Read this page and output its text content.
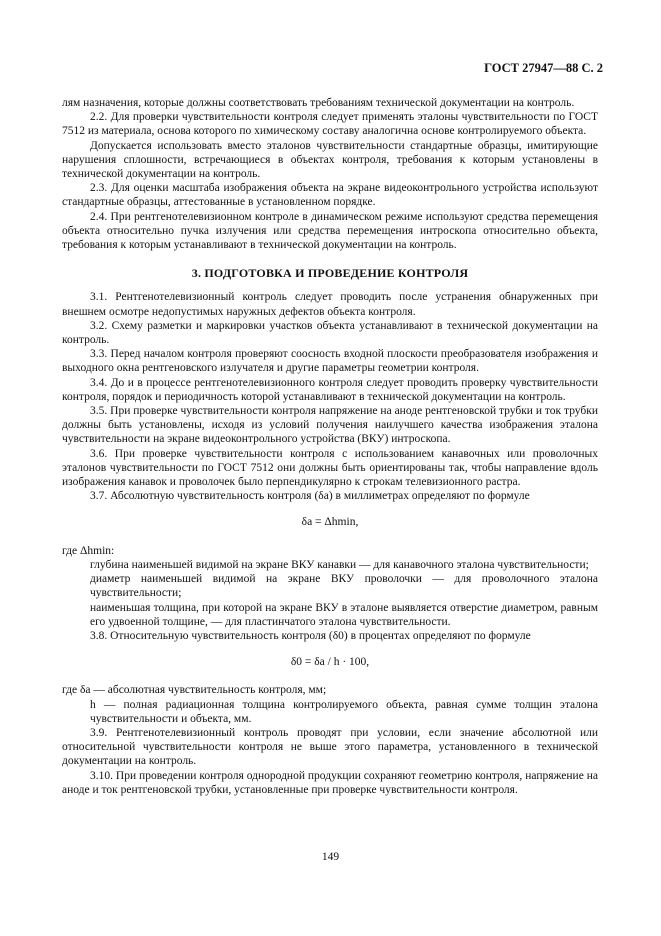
ГОСТ 27947—88 С. 2

лям назначения, которые должны соответствовать требованиям технической документации на контроль.

2.2. Для проверки чувствительности контроля следует применять эталоны чувствительности по ГОСТ 7512 из материала, основа которого по химическому составу аналогична основе контролируемого объекта.

Допускается использовать вместо эталонов чувствительности стандартные образцы, имитирующие нарушения сплошности, встречающиеся в объектах контроля, требования к которым установлены в технической документации на контроль.

2.3. Для оценки масштаба изображения объекта на экране видеоконтрольного устройства используют стандартные образцы, аттестованные в установленном порядке.

2.4. При рентгенотелевизионном контроле в динамическом режиме используют средства перемещения объекта относительно пучка излучения или средства перемещения интроскопа относительно объекта, требования к которым устанавливают в технической документации на контроль.

3. ПОДГОТОВКА И ПРОВЕДЕНИЕ КОНТРОЛЯ

3.1. Рентгенотелевизионный контроль следует проводить после устранения обнаруженных при внешнем осмотре недопустимых наружных дефектов объекта контроля.

3.2. Схему разметки и маркировки участков объекта устанавливают в технической документации на контроль.

3.3. Перед началом контроля проверяют соосность входной плоскости преобразователя изображения и выходного окна рентгеновского излучателя и другие параметры геометрии контроля.

3.4. До и в процессе рентгенотелевизионного контроля следует проводить проверку чувствительности контроля, порядок и периодичность которой устанавливают в технической документации на контроль.

3.5. При проверке чувствительности контроля напряжение на аноде рентгеновской трубки и ток трубки должны быть установлены, исходя из условий получения наилучшего качества изображения эталона чувствительности на экране видеоконтрольного устройства (ВКУ) интроскопа.

3.6. При проверке чувствительности контроля с использованием канавочных или проволочных эталонов чувствительности по ГОСТ 7512 они должны быть ориентированы так, чтобы направление вдоль изображения канавок и проволочек было перпендикулярно к строкам телевизионного растра.

3.7. Абсолютную чувствительность контроля (δa) в миллиметрах определяют по формуле

δa = Δhmin,

где Δhmin:

глубина наименьшей видимой на экране ВКУ канавки — для канавочного эталона чувствительности;

диаметр наименьшей видимой на экране ВКУ проволочки — для проволочного эталона чувствительности;

наименьшая толщина, при которой на экране ВКУ в эталоне выявляется отверстие диаметром, равным его удвоенной толщине, — для пластинчатого эталона чувствительности.

3.8. Относительную чувствительность контроля (δ0) в процентах определяют по формуле

δ0 = δa / h · 100,

где δa — абсолютная чувствительность контроля, мм;

h — полная радиационная толщина контролируемого объекта, равная сумме толщин эталона чувствительности и объекта, мм.

3.9. Рентгенотелевизионный контроль проводят при условии, если значение абсолютной или относительной чувствительности контроля не выше этого параметра, установленного в технической документации на контроль.

3.10. При проведении контроля однородной продукции сохраняют геометрию контроля, напряжение на аноде и ток рентгеновской трубки, установленные при проверке чувствительности контроля.

149
